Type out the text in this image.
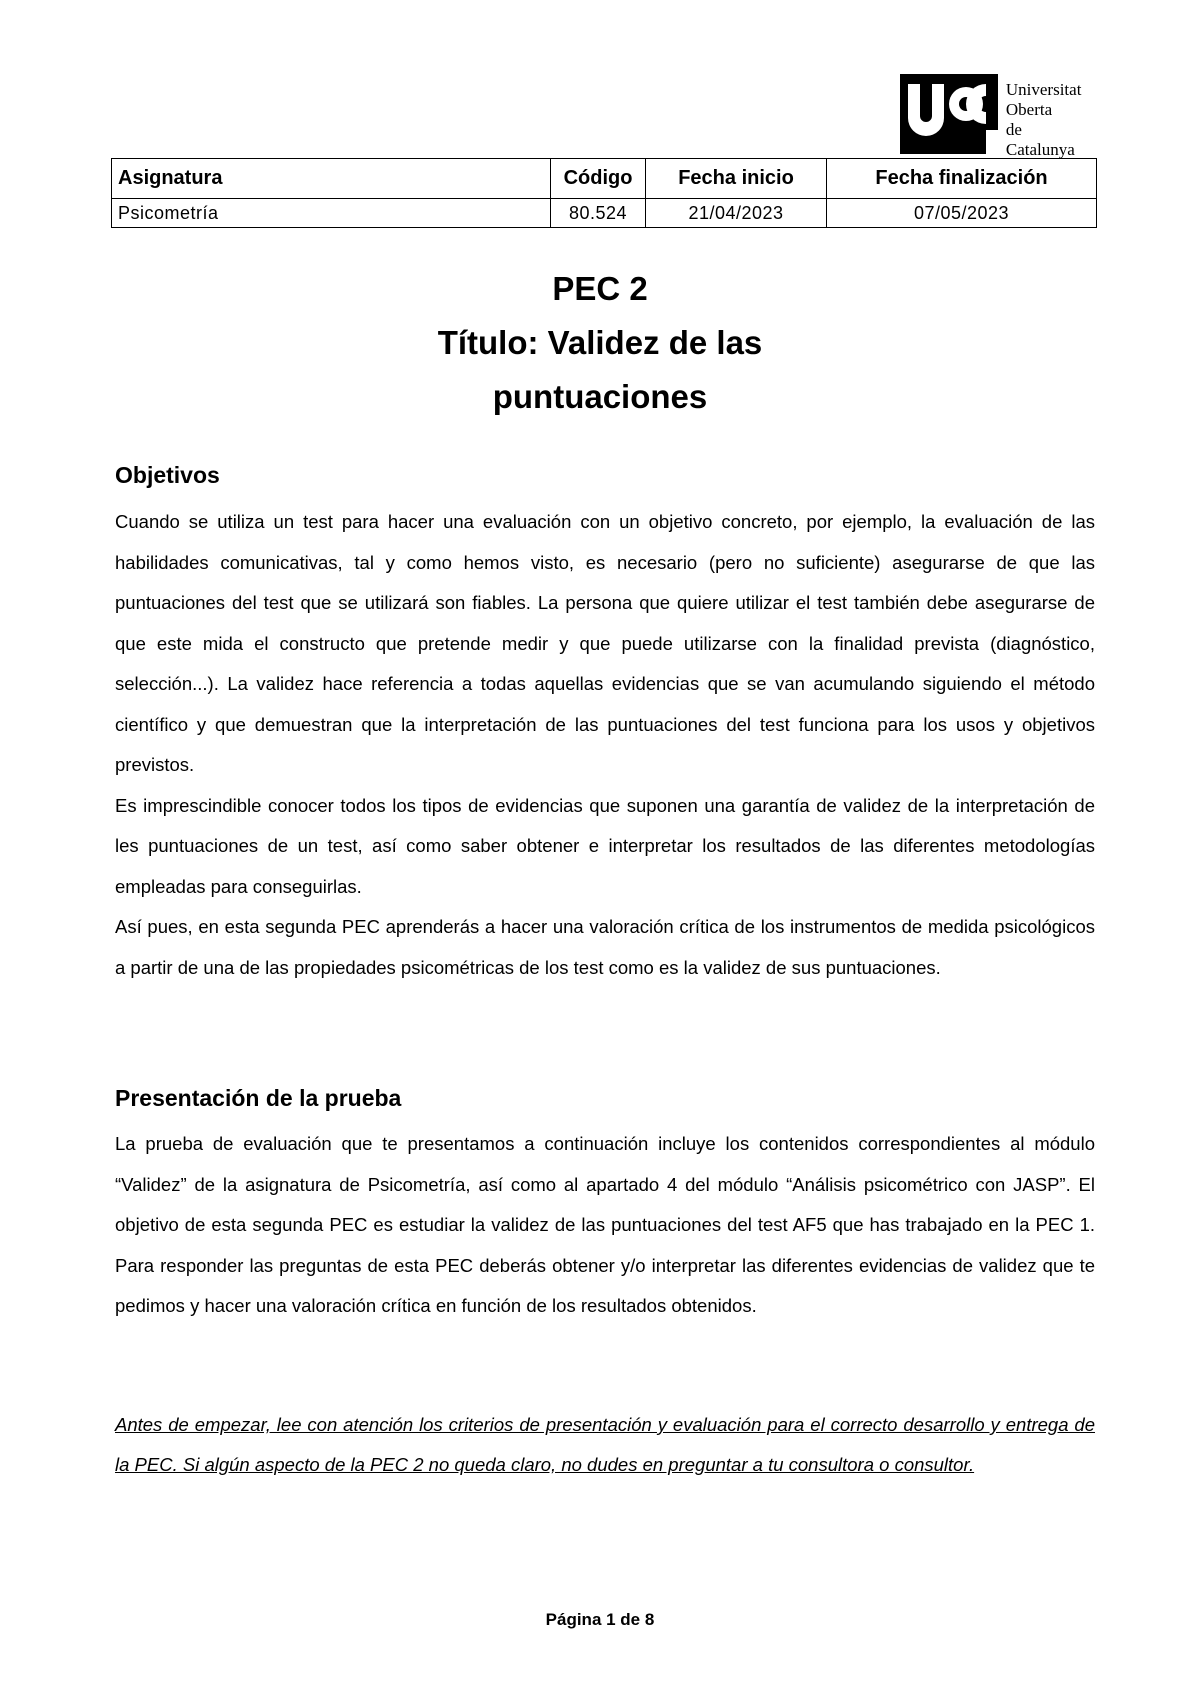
Universitat
Oberta
de Catalunya
Asignatura	Código	Fecha inicio	Fecha finalización
Psicometría	80.524	21/04/2023	07/05/2023
PEC 2
Título: Validez de las
puntuaciones
Objetivos

Cuando se utiliza un test para hacer una evaluación con un objetivo concreto, por ejemplo, la evaluación de las habilidades comunicativas, tal y como hemos visto, es necesario (pero no suficiente) asegurarse de que las puntuaciones del test que se utilizará son fiables. La persona que quiere utilizar el test también debe asegurarse de que este mida el constructo que pretende medir y que puede utilizarse con la finalidad prevista (diagnóstico, selección...). La validez hace referencia a todas aquellas evidencias que se van acumulando siguiendo el método científico y que demuestran que la interpretación de las puntuaciones del test funciona para los usos y objetivos previstos.

Es imprescindible conocer todos los tipos de evidencias que suponen una garantía de validez de la interpretación de les puntuaciones de un test, así como saber obtener e interpretar los resultados de las diferentes metodologías empleadas para conseguirlas.

Así pues, en esta segunda PEC aprenderás a hacer una valoración crítica de los instrumentos de medida psicológicos a partir de una de las propiedades psicométricas de los test como es la validez de sus puntuaciones.

Presentación de la prueba

La prueba de evaluación que te presentamos a continuación incluye los contenidos correspondientes al módulo “Validez” de la asignatura de Psicometría, así como al apartado 4 del módulo “Análisis psicométrico con JASP”. El objetivo de esta segunda PEC es estudiar la validez de las puntuaciones del test AF5 que has trabajado en la PEC 1. Para responder las preguntas de esta PEC deberás obtener y/o interpretar las diferentes evidencias de validez que te pedimos y hacer una valoración crítica en función de los resultados obtenidos.

Antes de empezar, lee con atención los criterios de presentación y evaluación para el correcto desarrollo y entrega de la PEC. Si algún aspecto de la PEC 2 no queda claro, no dudes en preguntar a tu consultora o consultor.

Página 1 de 8
